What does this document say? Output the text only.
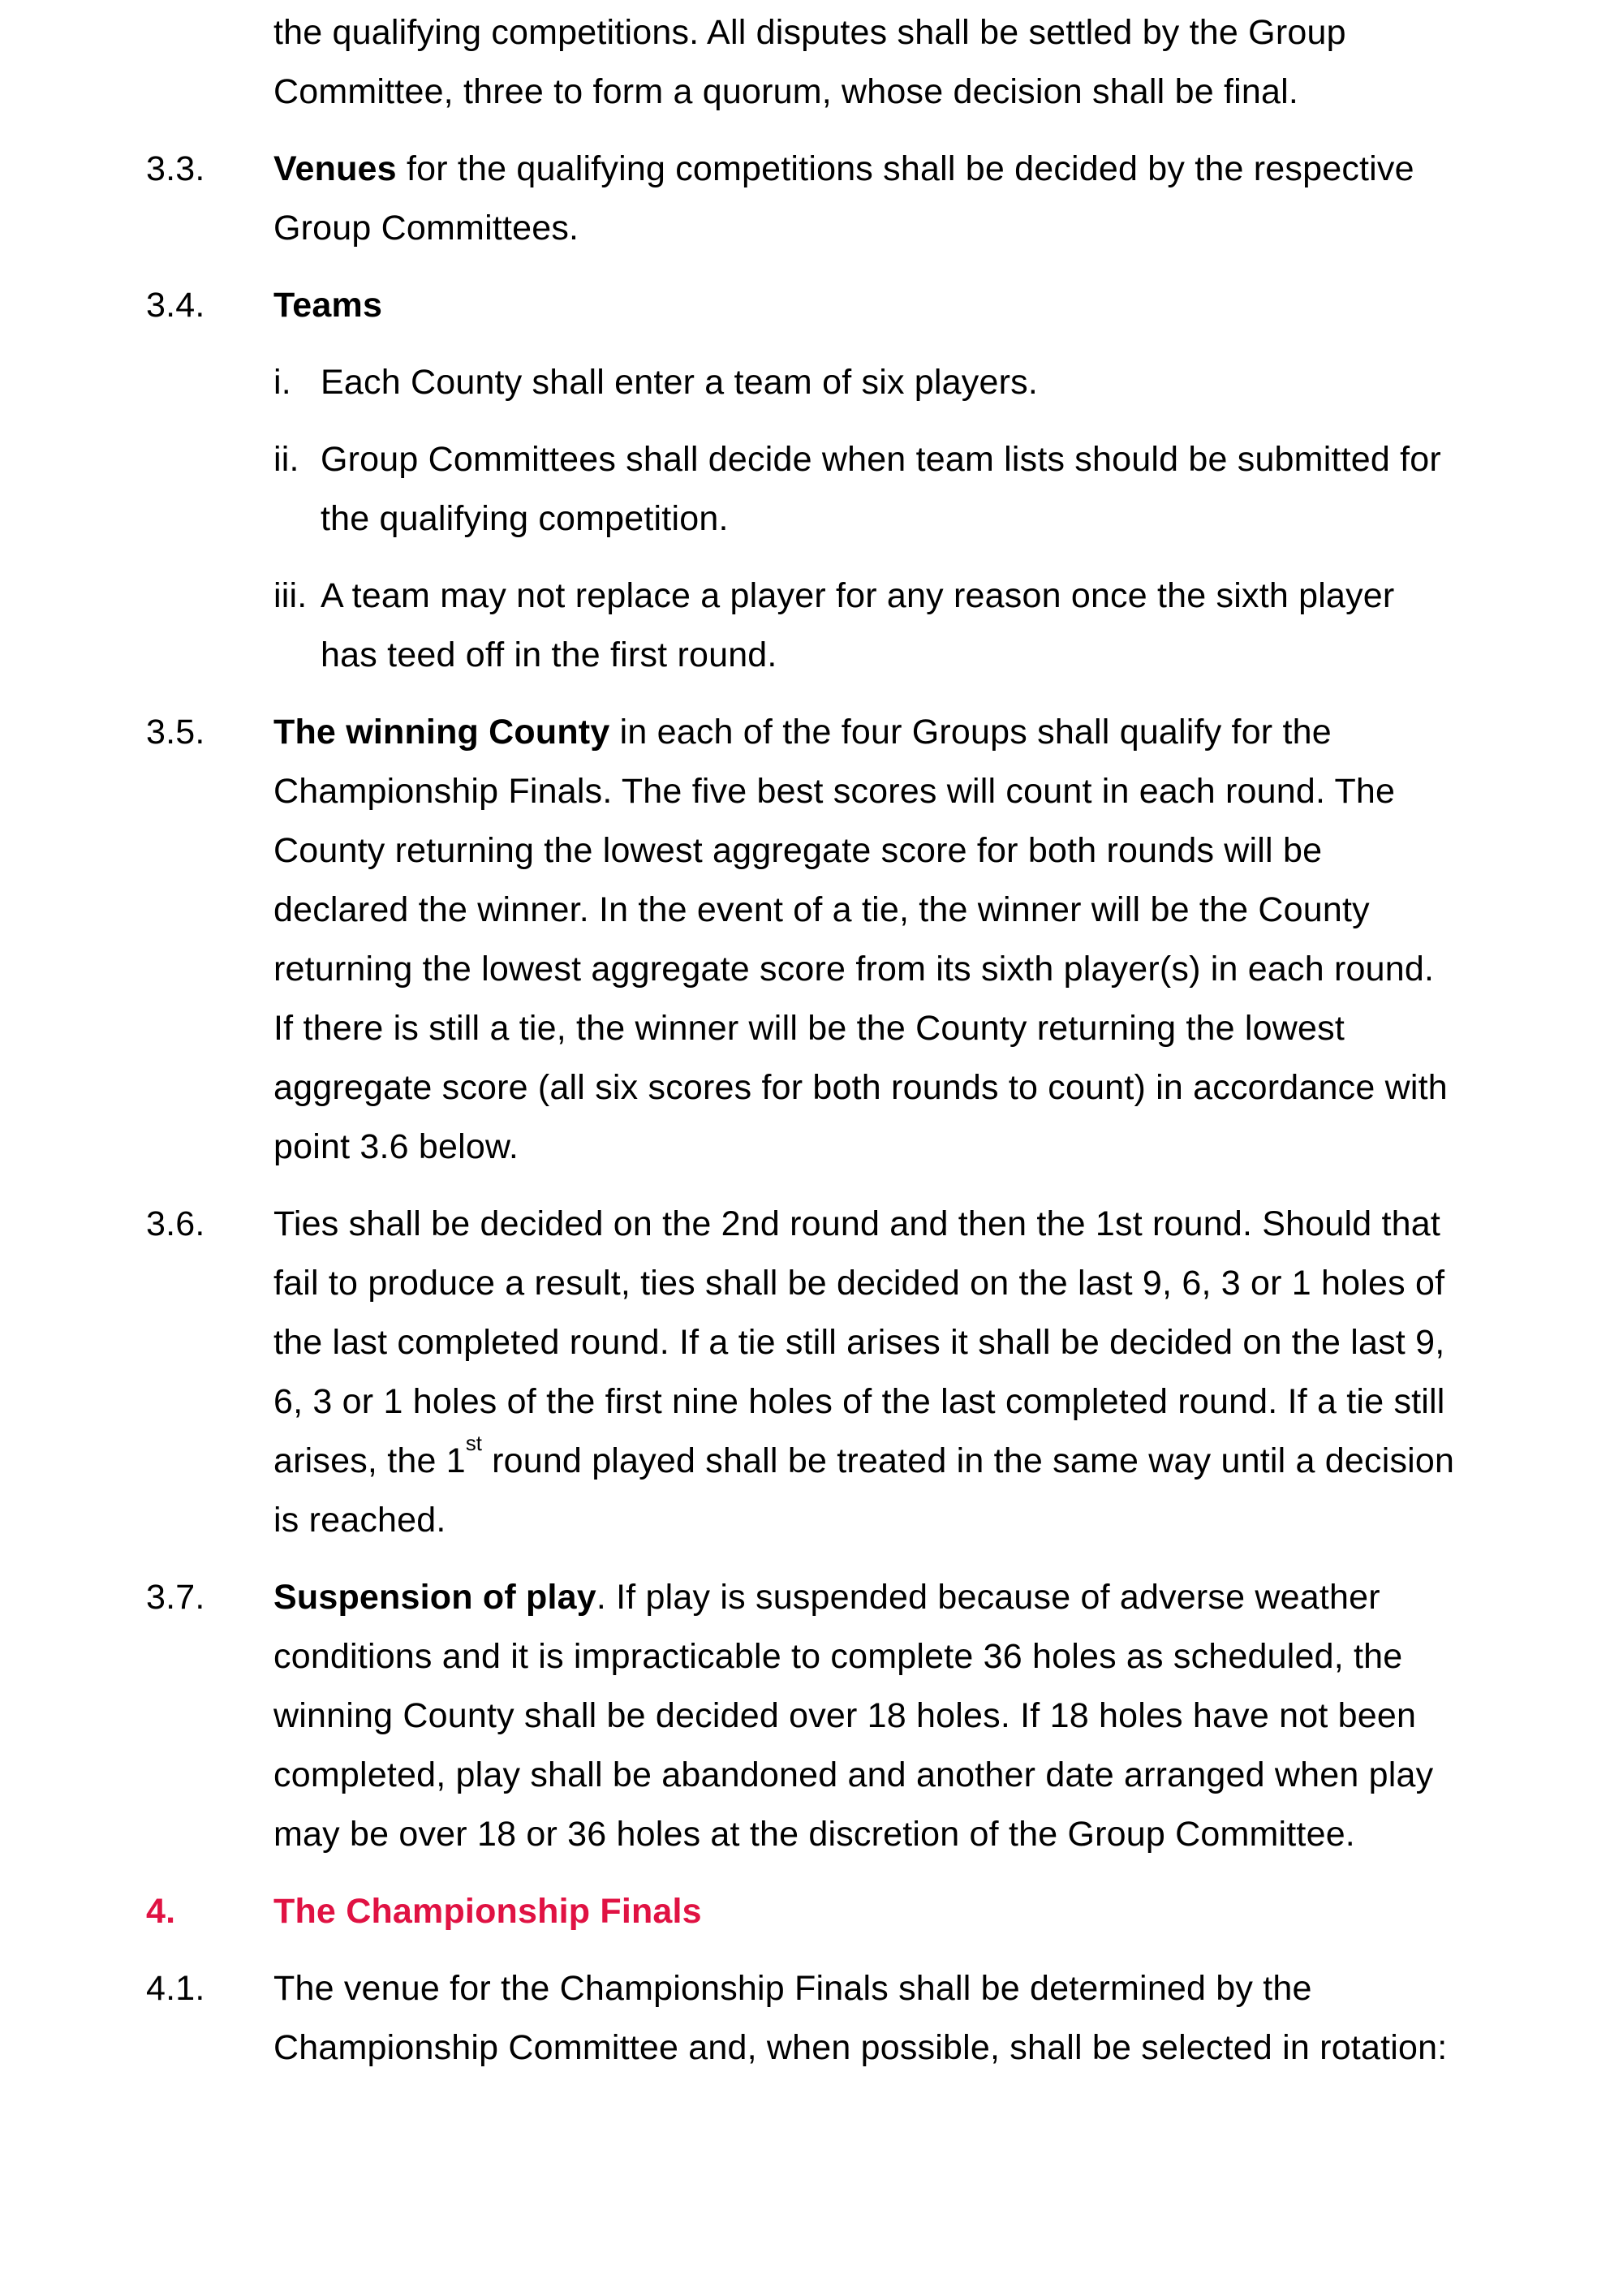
the qualifying competitions. All disputes shall be settled by the Group Committee, three to form a quorum, whose decision shall be final.
3.3.	Venues for the qualifying competitions shall be decided by the respective Group Committees.
3.4.	Teams
i. Each County shall enter a team of six players.
ii. Group Committees shall decide when team lists should be submitted for the qualifying competition.
iii. A team may not replace a player for any reason once the sixth player has teed off in the first round.
3.5.	The winning County in each of the four Groups shall qualify for the Championship Finals. The five best scores will count in each round. The County returning the lowest aggregate score for both rounds will be declared the winner. In the event of a tie, the winner will be the County returning the lowest aggregate score from its sixth player(s) in each round. If there is still a tie, the winner will be the County returning the lowest aggregate score (all six scores for both rounds to count) in accordance with point 3.6 below.
3.6.	Ties shall be decided on the 2nd round and then the 1st round. Should that fail to produce a result, ties shall be decided on the last 9, 6, 3 or 1 holes of the last completed round. If a tie still arises it shall be decided on the last 9, 6, 3 or 1 holes of the first nine holes of the last completed round. If a tie still arises, the 1st round played shall be treated in the same way until a decision is reached.
3.7.	Suspension of play. If play is suspended because of adverse weather conditions and it is impracticable to complete 36 holes as scheduled, the winning County shall be decided over 18 holes. If 18 holes have not been completed, play shall be abandoned and another date arranged when play may be over 18 or 36 holes at the discretion of the Group Committee.
4.	The Championship Finals
4.1.	The venue for the Championship Finals shall be determined by the Championship Committee and, when possible, shall be selected in rotation:
